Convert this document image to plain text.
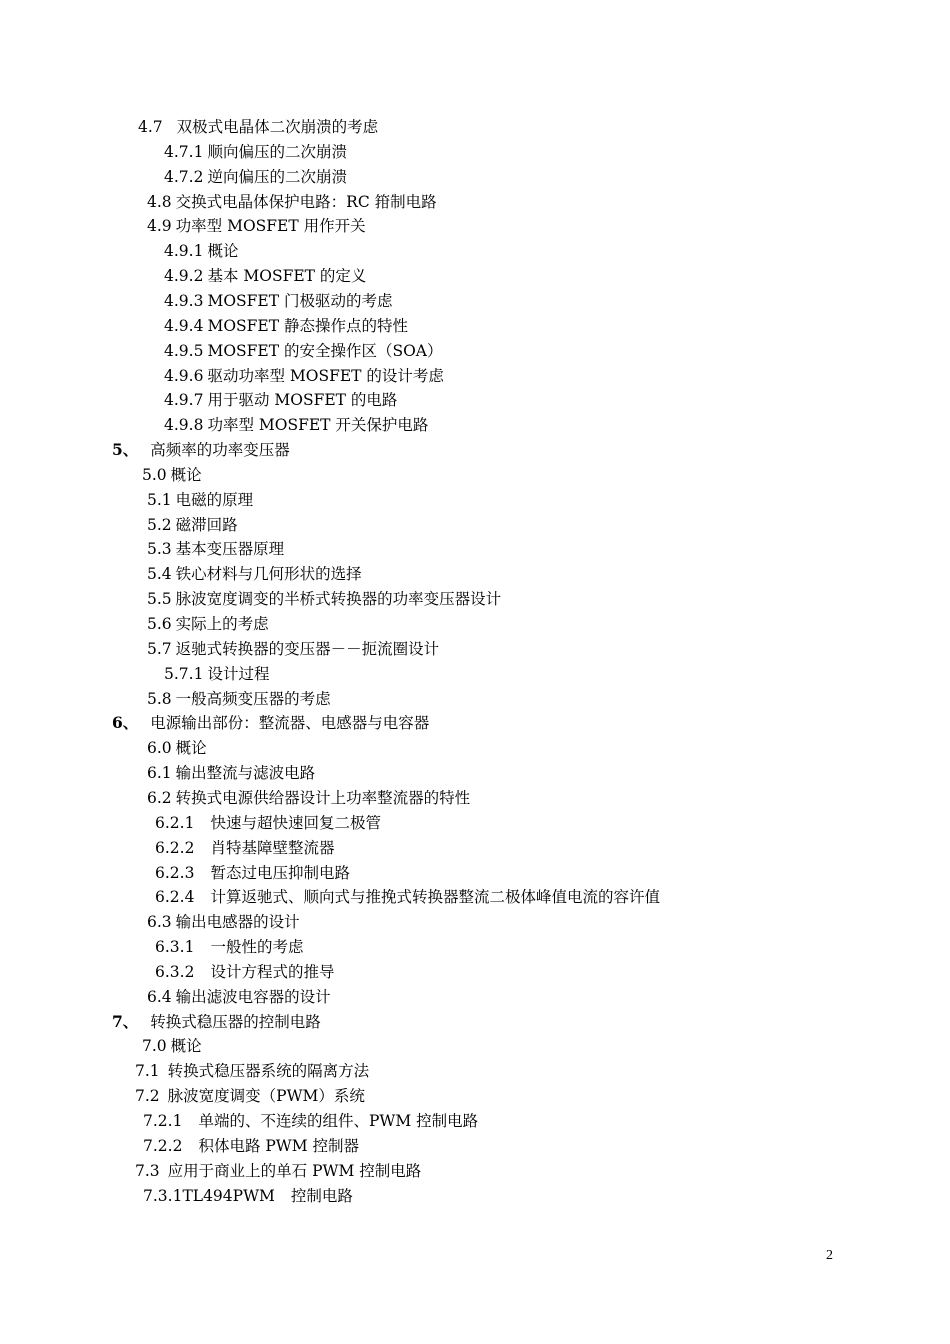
4.7 双极式电晶体二次崩溃的考虑
4.7.1 顺向偏压的二次崩溃
4.7.2 逆向偏压的二次崩溃
4.8 交换式电晶体保护电路：RC 箝制电路
4.9 功率型 MOSFET 用作开关
4.9.1 概论
4.9.2 基本 MOSFET 的定义
4.9.3 MOSFET 门极驱动的考虑
4.9.4 MOSFET 静态操作点的特性
4.9.5 MOSFET 的安全操作区（SOA）
4.9.6 驱动功率型 MOSFET 的设计考虑
4.9.7 用于驱动 MOSFET 的电路
4.9.8 功率型 MOSFET 开关保护电路
5、 高频率的功率变压器
5.0 概论
5.1 电磁的原理
5.2 磁滞回路
5.3 基本变压器原理
5.4 铁心材料与几何形状的选择
5.5 脉波宽度调变的半桥式转换器的功率变压器设计
5.6 实际上的考虑
5.7 返驰式转换器的变压器－－扼流圈设计
5.7.1 设计过程
5.8 一般高频变压器的考虑
6、 电源输出部份：整流器、电感器与电容器
6.0 概论
6.1 输出整流与滤波电路
6.2 转换式电源供给器设计上功率整流器的特性
6.2.1 快速与超快速回复二极管
6.2.2 肖特基障壁整流器
6.2.3 暂态过电压抑制电路
6.2.4 计算返驰式、顺向式与推挽式转换器整流二极体峰值电流的容许值
6.3 输出电感器的设计
6.3.1 一般性的考虑
6.3.2 设计方程式的推导
6.4 输出滤波电容器的设计
7、 转换式稳压器的控制电路
7.0 概论
7.1 转换式稳压器系统的隔离方法
7.2 脉波宽度调变（PWM）系统
7.2.1 单端的、不连续的组件、PWM 控制电路
7.2.2 积体电路 PWM 控制器
7.3 应用于商业上的单石 PWM 控制电路
7.3.1TL494PWM 控制电路
2
